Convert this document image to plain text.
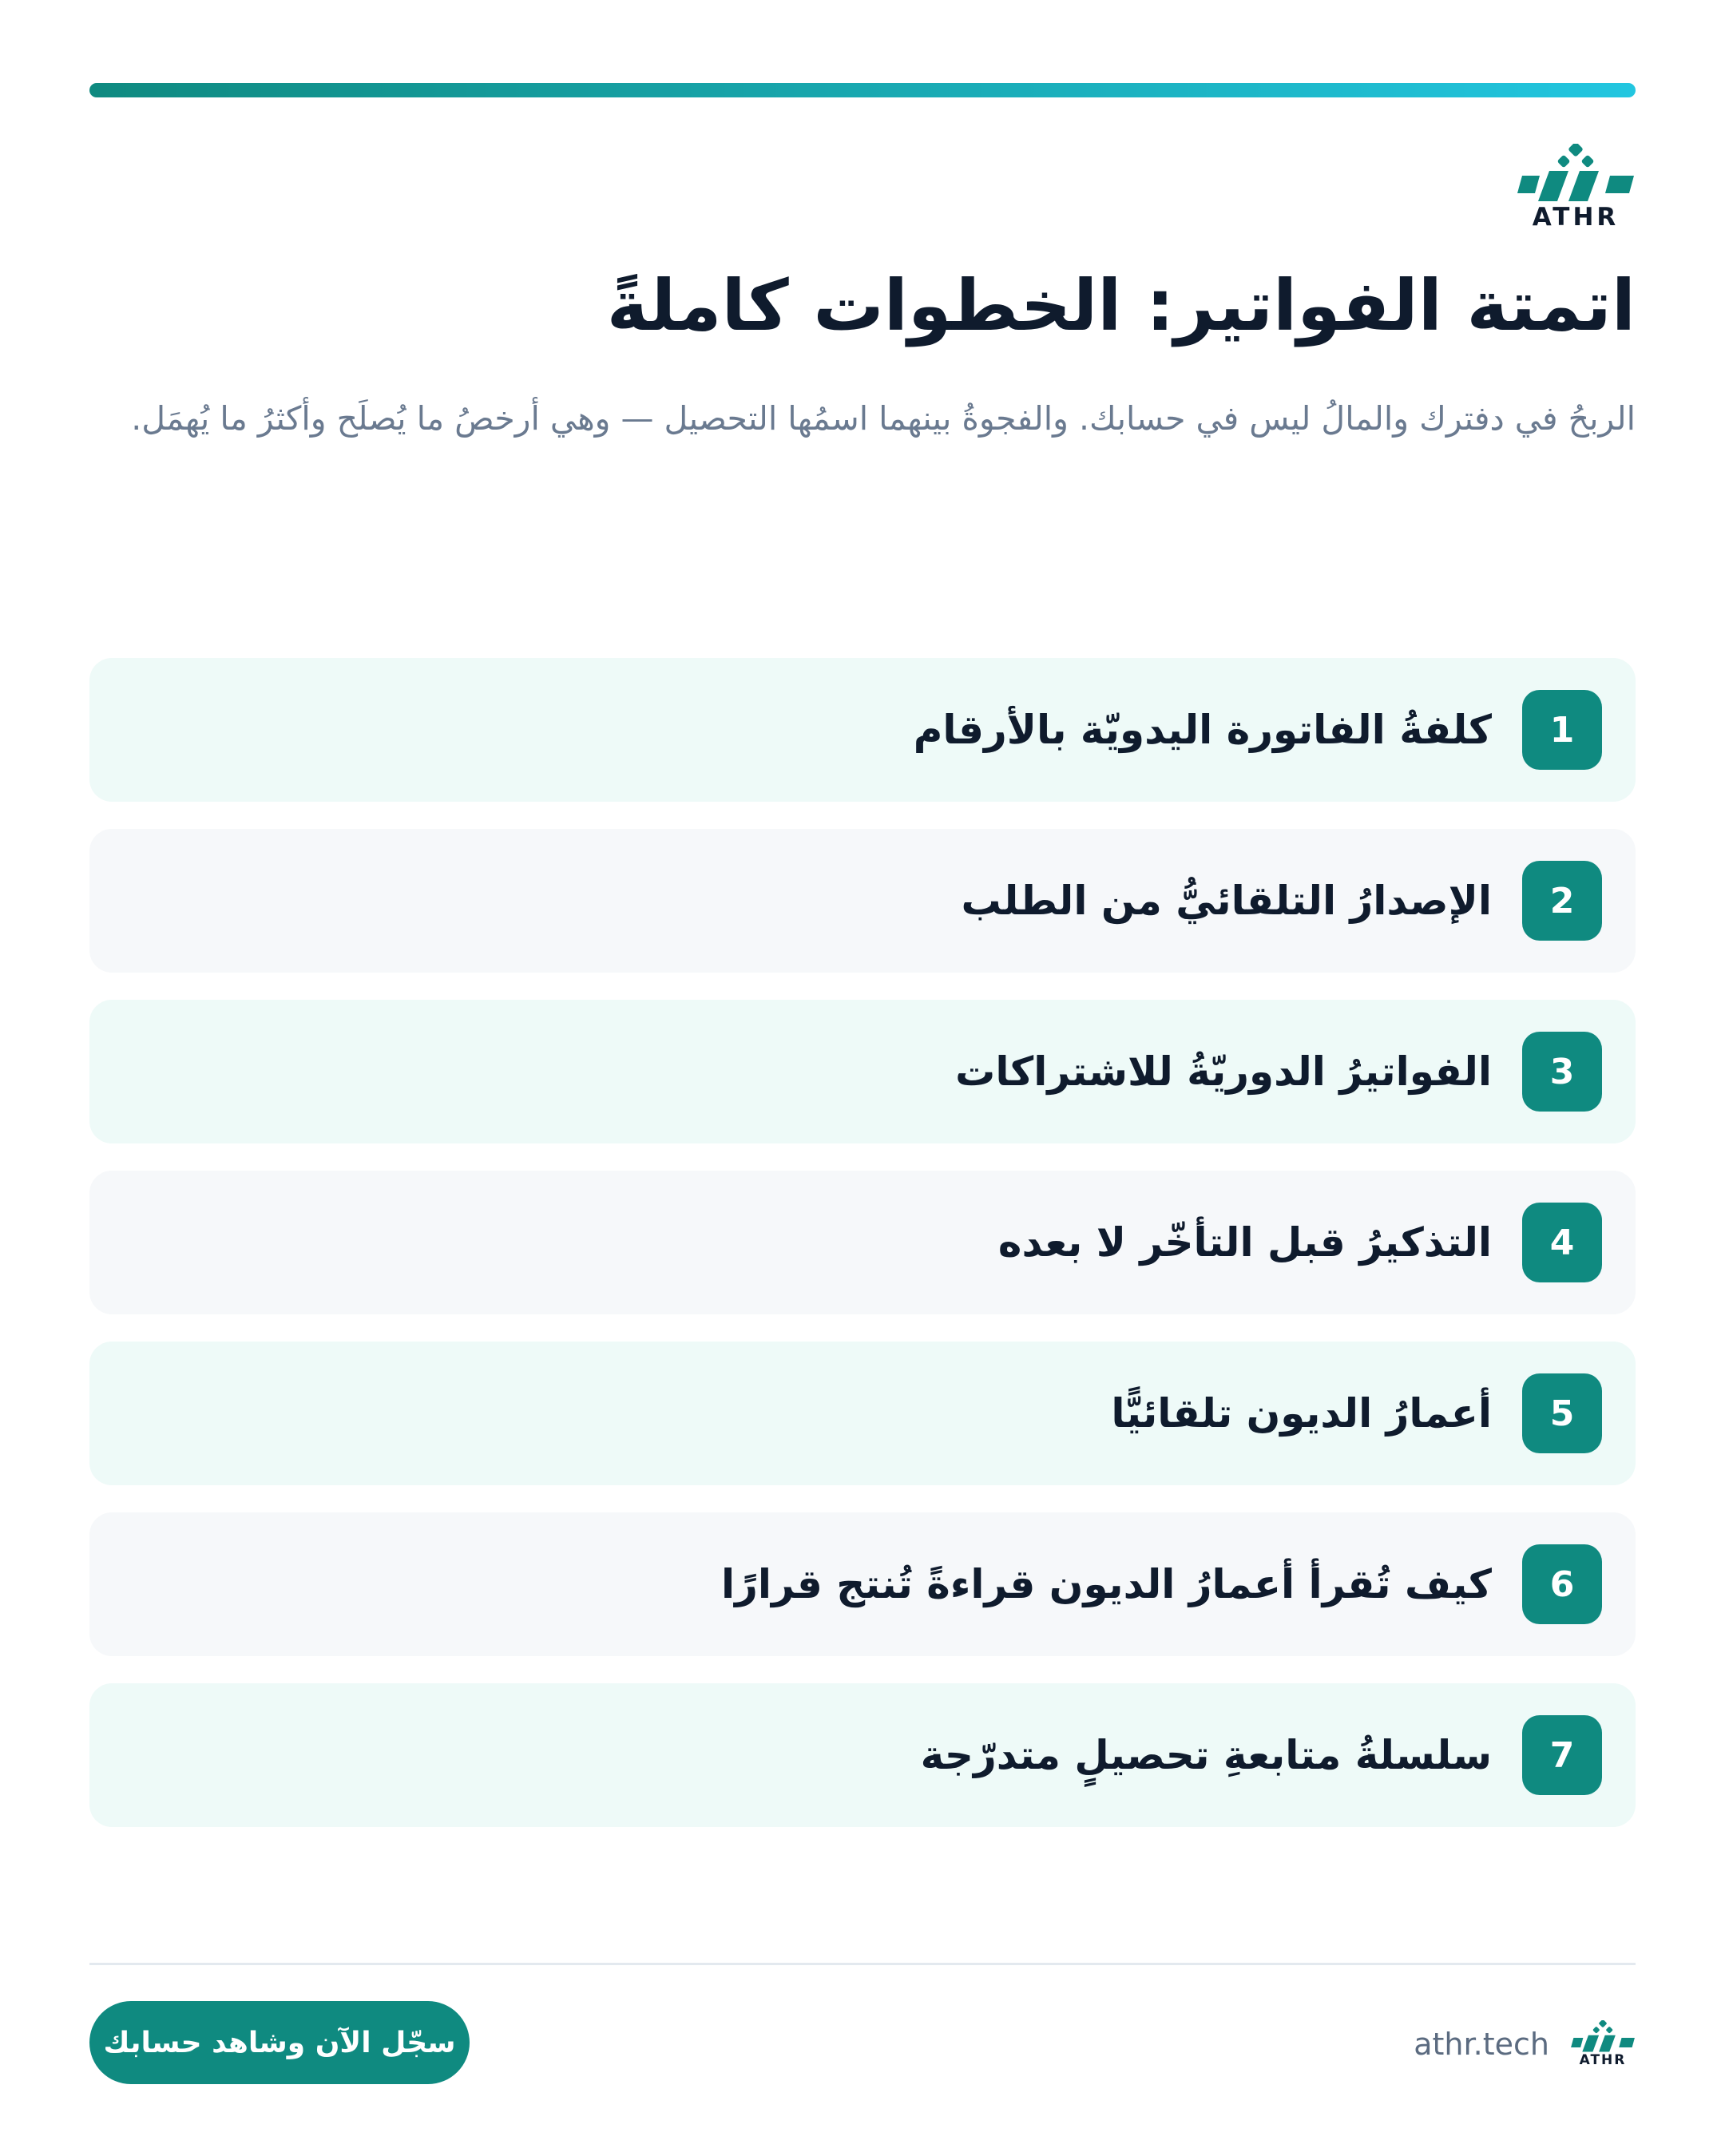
ATHR
اتمتة الفواتير: الخطوات كاملةً

الربحُ في دفترك والمالُ ليس في حسابك. والفجوةُ بينهما اسمُها التحصيل — وهي أرخصُ ما يُصلَح وأكثرُ ما يُهمَل.

1
كلفةُ الفاتورة اليدويّة بالأرقام
2
الإصدارُ التلقائيُّ من الطلب
3
الفواتيرُ الدوريّةُ للاشتراكات
4
التذكيرُ قبل التأخّر لا بعده
5
أعمارُ الديون تلقائيًّا
6
كيف تُقرأ أعمارُ الديون قراءةً تُنتج قرارًا
7
سلسلةُ متابعةِ تحصيلٍ متدرّجة
ATHR
athr.tech
سجّل الآن وشاهد حسابك
